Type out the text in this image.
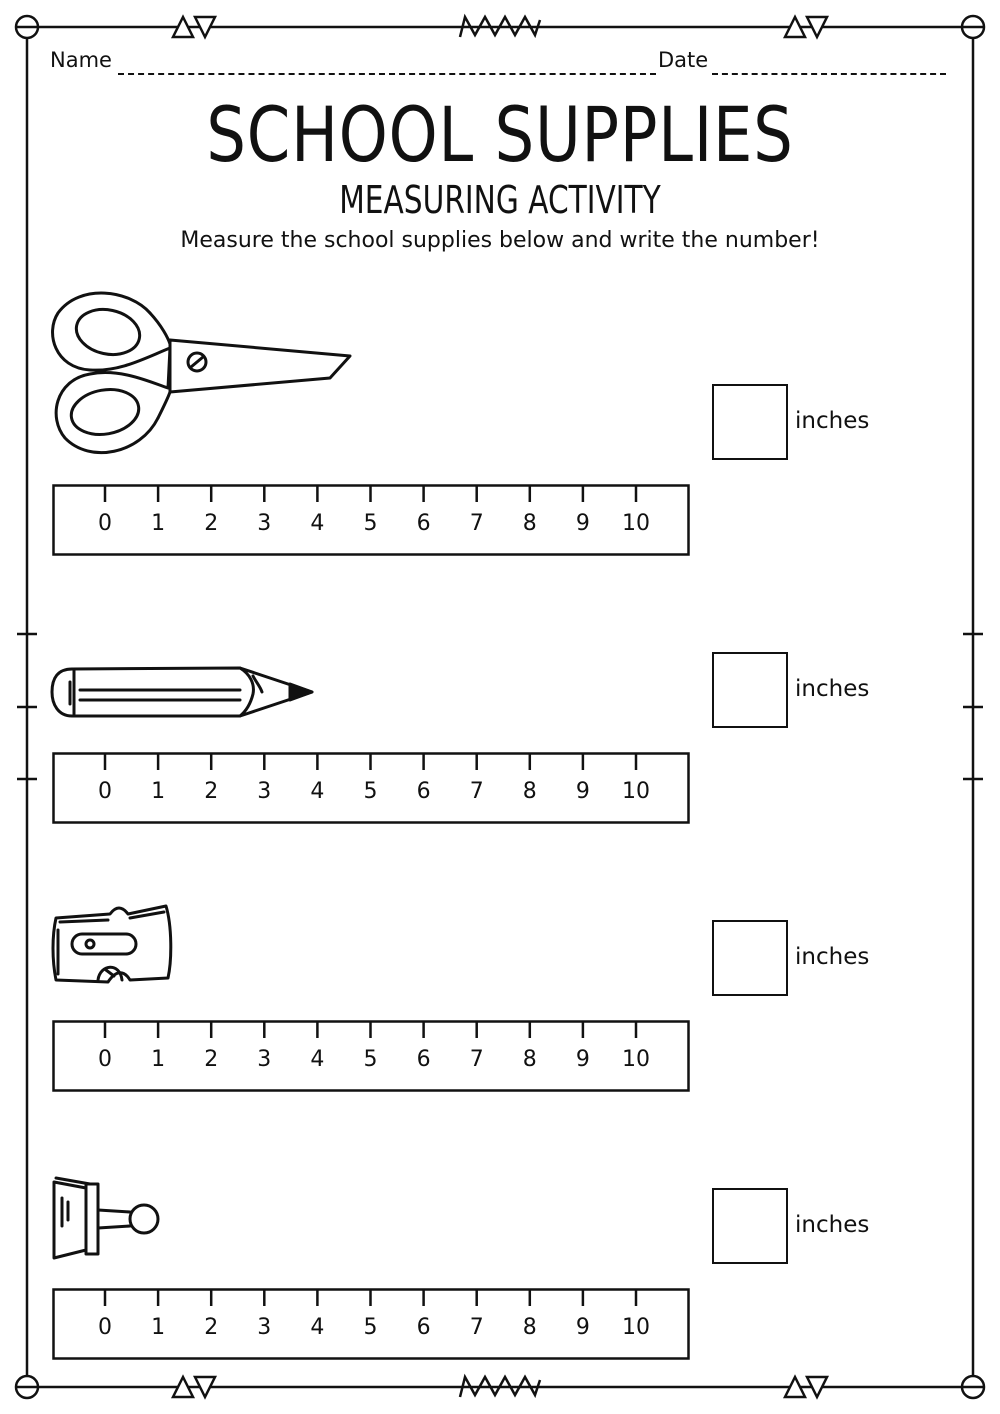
Name	Date
SCHOOL SUPPLIES
MEASURING ACTIVITY
Measure the school supplies below and write the number!
inches
0 1 2 3 4 5 6 7 8 9 10
inches
0 1 2 3 4 5 6 7 8 9 10
inches
0 1 2 3 4 5 6 7 8 9 10
inches
0 1 2 3 4 5 6 7 8 9 10
